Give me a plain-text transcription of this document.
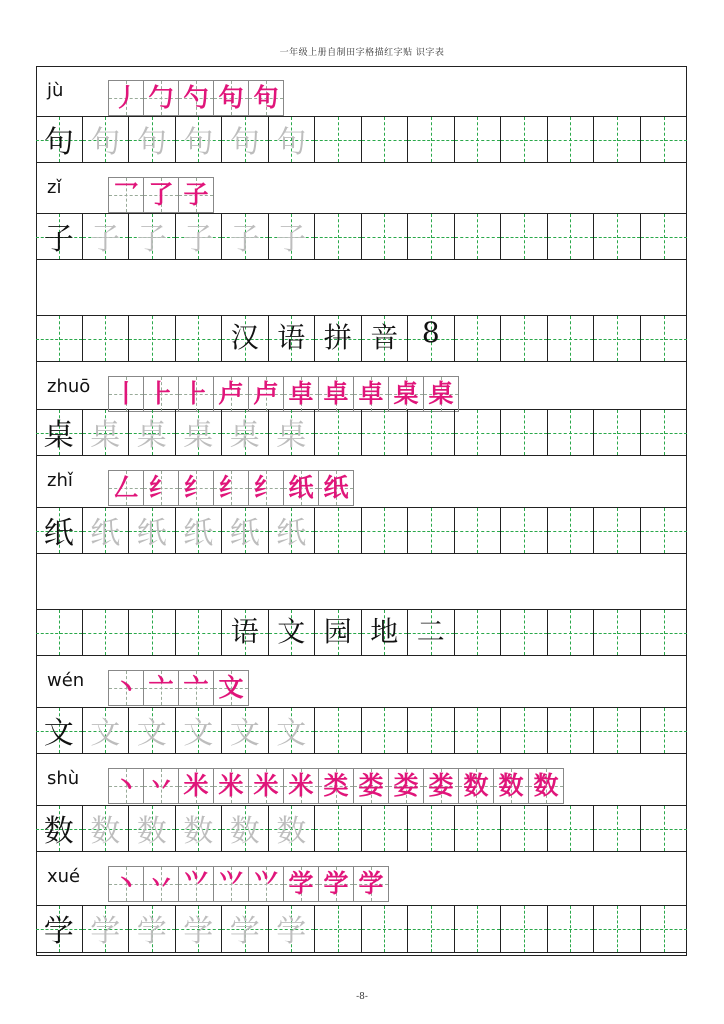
一年级上册自制田字格描红字贴 识字表
jù 丿 勹 勺 句 句
句 句 句 句 句 句
zǐ 乛 了 子
子 子 子 子 子 子
汉 语 拼 音 8
zhuō 丨 ⺊ ⺊ 卢 卢 卓 卓 卓 桌 桌
桌 桌 桌 桌 桌 桌
zhǐ 𠃋 纟 纟 纟 纟 纸 纸
纸 纸 纸 纸 纸 纸
语 文 园 地 二
wén 丶 亠 亠 文
文 文 文 文 文 文
shù 丶 丷 米 米 米 米 类 娄 娄 娄 数 数 数
数 数 数 数 数 数
xué 丶 丷 ⺍ ⺍ ⺍ 学 学 学
学 学 学 学 学 学
-8-
